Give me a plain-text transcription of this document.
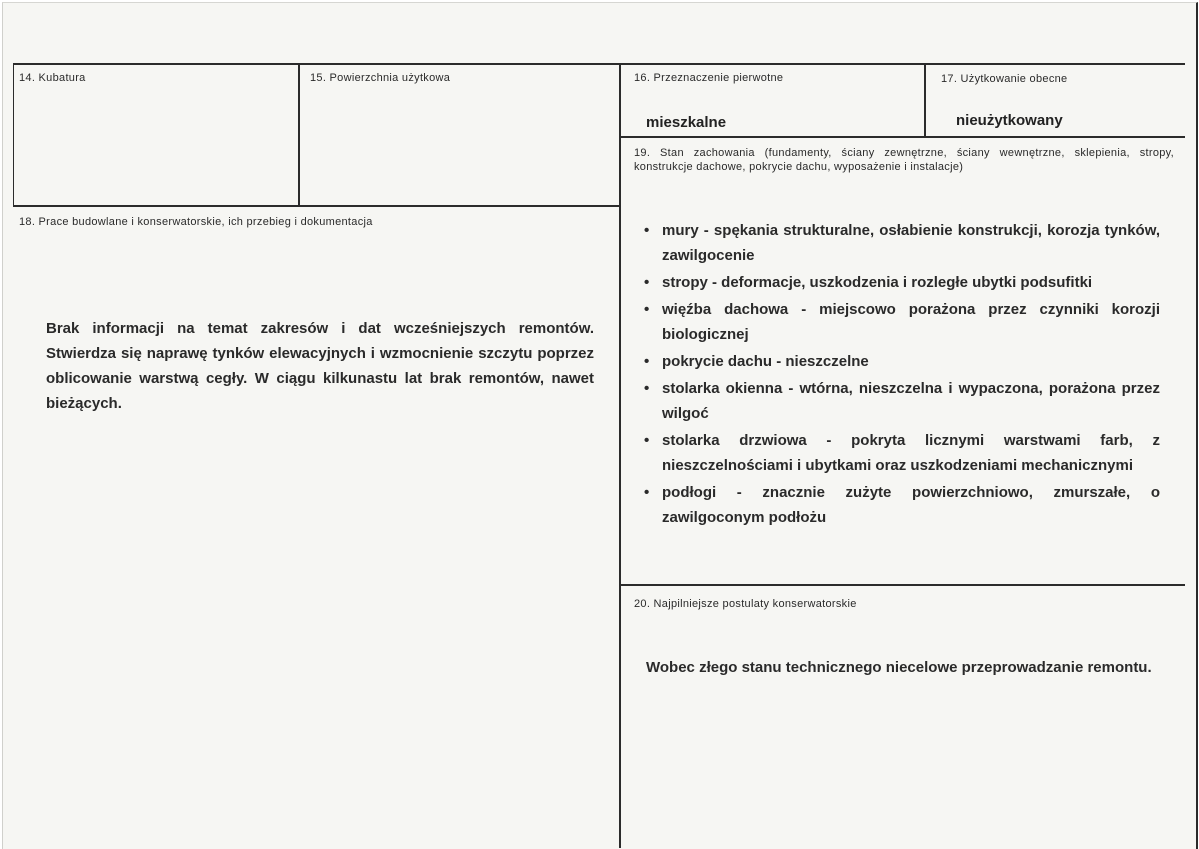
14. Kubatura	15. Powierzchnia użytkowa	16. Przeznaczenie pierwotne
mieszkalne
17. Użytkowanie obecne
nieużytkowany
18. Prace budowlane i konserwatorskie, ich przebieg i dokumentacja
Brak informacji na temat zakresów i dat wcześniejszych remontów. Stwierdza się naprawę tynków elewacyjnych i wzmocnienie szczytu poprzez oblicowanie warstwą cegły. W ciągu kilkunastu lat brak remontów, nawet bieżących.
19. Stan zachowania (fundamenty, ściany zewnętrzne, ściany wewnętrzne, sklepienia, stropy, konstrukcje dachowe, pokrycie dachu, wyposażenie i instalacje)
• mury - spękania strukturalne, osłabienie konstrukcji, korozja tynków, zawilgocenie
• stropy - deformacje, uszkodzenia i rozległe ubytki podsufitki
• więźba dachowa - miejscowo porażona przez czynniki korozji biologicznej
• pokrycie dachu - nieszczelne
• stolarka okienna - wtórna, nieszczelna i wypaczona, porażona przez wilgoć
• stolarka drzwiowa - pokryta licznymi warstwami farb, z nieszczelnościami i ubytkami oraz uszkodzeniami mechanicznymi
• podłogi - znacznie zużyte powierzchniowo, zmurszałe, o zawilgoconym podłożu
20. Najpilniejsze postulaty konserwatorskie
Wobec złego stanu technicznego niecelowe przeprowadzanie remontu.
